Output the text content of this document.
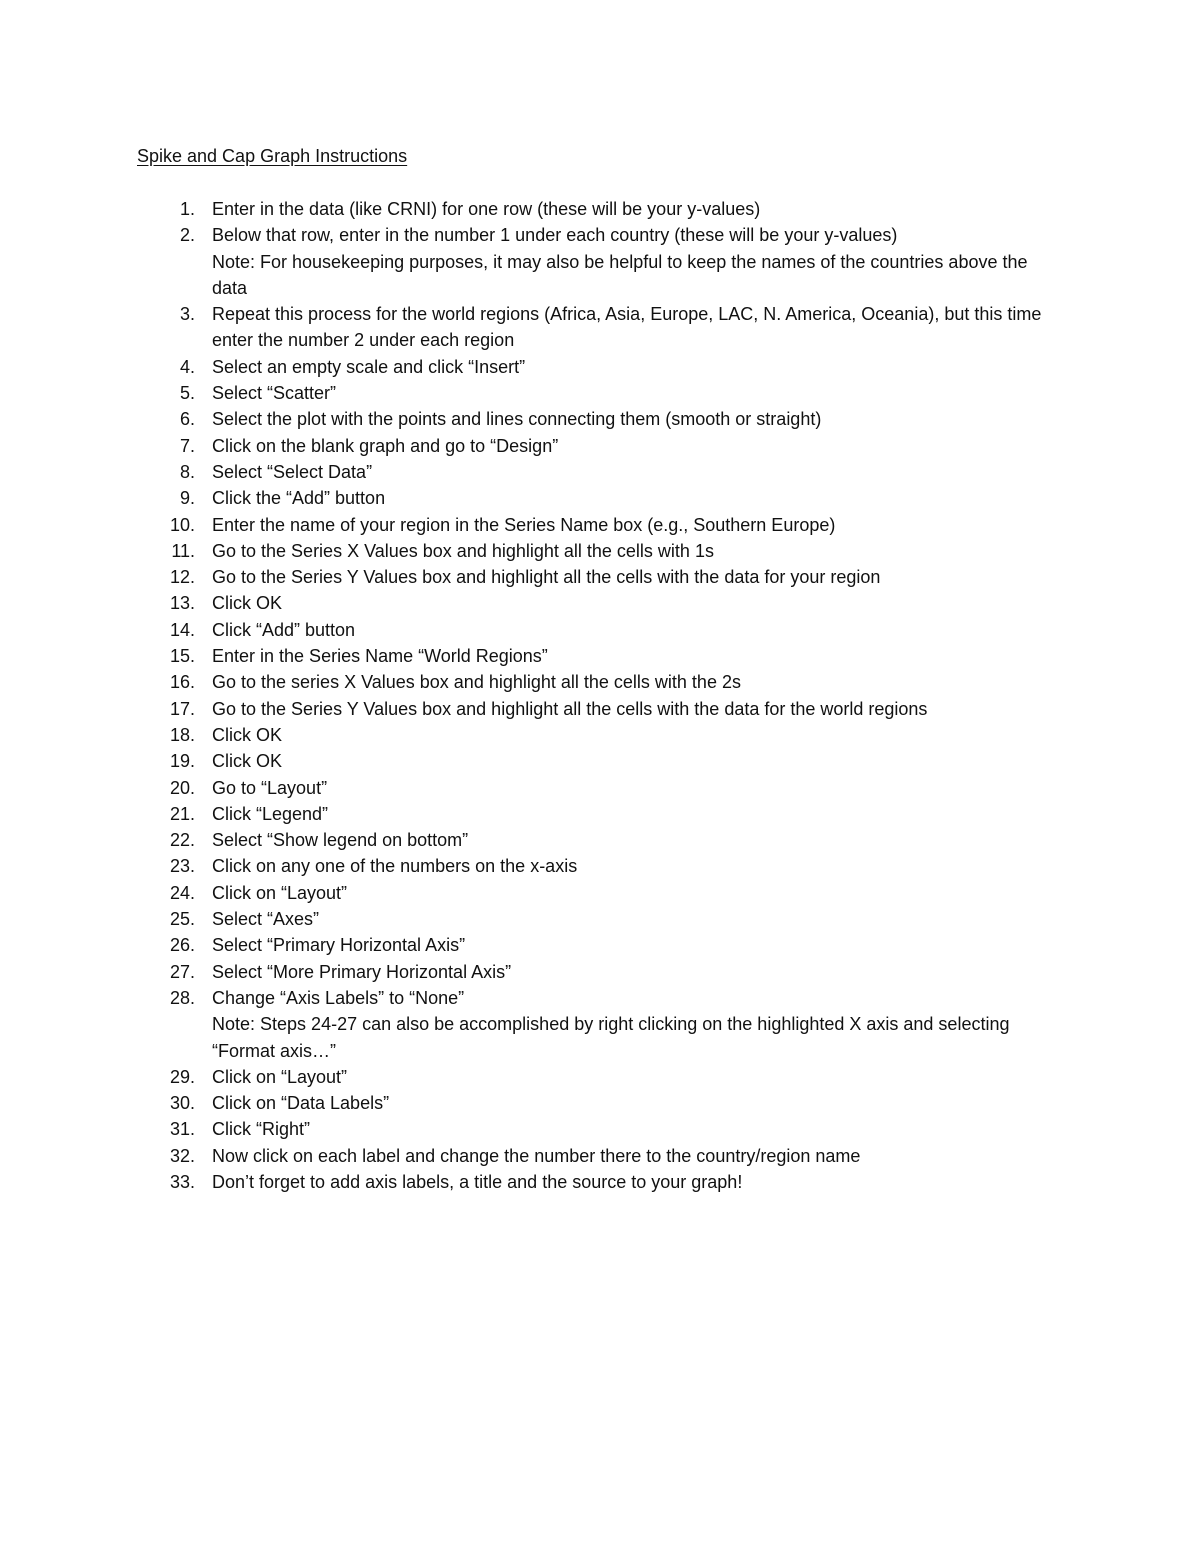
Spike and Cap Graph Instructions
1. Enter in the data (like CRNI) for one row (these will be your y-values)
2. Below that row, enter in the number 1 under each country (these will be your y-values)
Note: For housekeeping purposes, it may also be helpful to keep the names of the countries above the data
3. Repeat this process for the world regions (Africa, Asia, Europe, LAC, N. America, Oceania), but this time enter the number 2 under each region
4. Select an empty scale and click “Insert”
5. Select “Scatter”
6. Select the plot with the points and lines connecting them (smooth or straight)
7. Click on the blank graph and go to “Design”
8. Select “Select Data”
9. Click the “Add” button
10. Enter the name of your region in the Series Name box (e.g., Southern Europe)
11. Go to the Series X Values box and highlight all the cells with 1s
12. Go to the Series Y Values box and highlight all the cells with the data for your region
13. Click OK
14. Click “Add” button
15. Enter in the Series Name “World Regions”
16. Go to the series X Values box and highlight all the cells with the 2s
17. Go to the Series Y Values box and highlight all the cells with the data for the world regions
18. Click OK
19. Click OK
20. Go to “Layout”
21. Click “Legend”
22. Select “Show legend on bottom”
23. Click on any one of the numbers on the x-axis
24. Click on “Layout”
25. Select “Axes”
26. Select “Primary Horizontal Axis”
27. Select “More Primary Horizontal Axis”
28. Change “Axis Labels” to “None”
Note: Steps 24-27 can also be accomplished by right clicking on the highlighted X axis and selecting “Format axis…”
29. Click on “Layout”
30. Click on “Data Labels”
31. Click “Right”
32. Now click on each label and change the number there to the country/region name
33. Don’t forget to add axis labels, a title and the source to your graph!
